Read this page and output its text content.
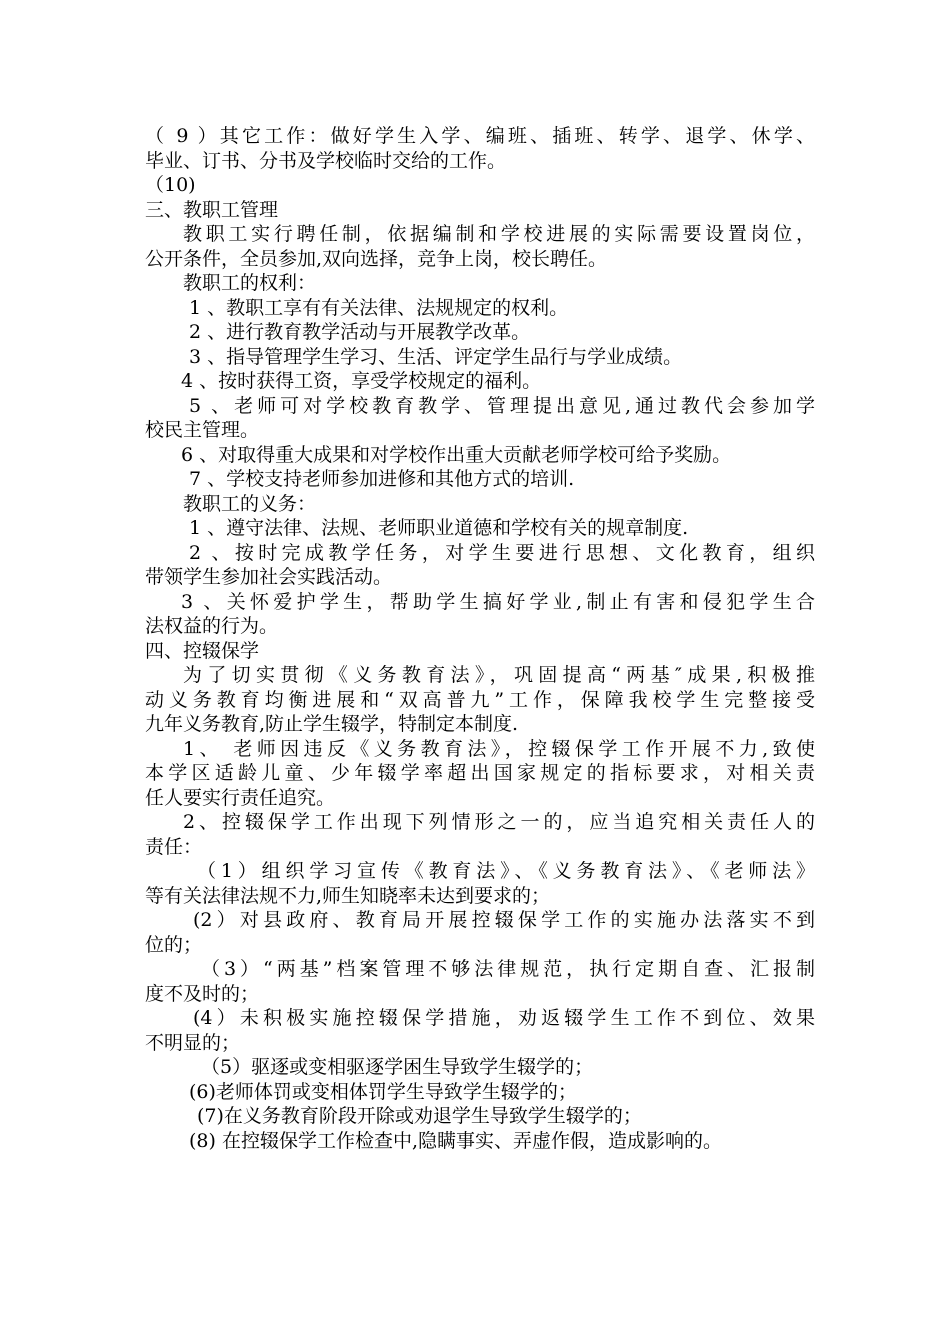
（ 9 ）其它工作：做好学生入学、编班、插班、转学、退学、休学、
毕业、订书、分书及学校临时交给的工作。
（10)
三、教职工管理
教职工实行聘任制，依据编制和学校进展的实际需要设置岗位，
公开条件，全员参加,双向选择，竞争上岗，校长聘任。
教职工的权利：
1 、教职工享有有关法律、法规规定的权利。
2 、进行教育教学活动与开展教学改革。
3 、指导管理学生学习、生活、评定学生品行与学业成绩。
4 、按时获得工资，享受学校规定的福利。
5 、老师可对学校教育教学、管理提出意见,通过教代会参加学
校民主管理。
6 、对取得重大成果和对学校作出重大贡献老师学校可给予奖励。
7 、学校支持老师参加进修和其他方式的培训.
教职工的义务：
1 、遵守法律、法规、老师职业道德和学校有关的规章制度.
2 、按时完成教学任务，对学生要进行思想、文化教育，组织
带领学生参加社会实践活动。
3 、关怀爱护学生，帮助学生搞好学业,制止有害和侵犯学生合
法权益的行为。
四、控辍保学
为了切实贯彻《义务教育法》，巩固提高“两基″成果,积极推
动义务教育均衡进展和“双高普九”工作，保障我校学生完整接受
九年义务教育,防止学生辍学，特制定本制度.
1、 老师因违反《义务教育法》，控辍保学工作开展不力,致使
本学区适龄儿童、少年辍学率超出国家规定的指标要求，对相关责
任人要实行责任追究。
2、控辍保学工作出现下列情形之一的，应当追究相关责任人的
责任：
（1）组织学习宣传《教育法》、《义务教育法》、《老师法》
等有关法律法规不力,师生知晓率未达到要求的；
(2）对县政府、教育局开展控辍保学工作的实施办法落实不到
位的；
（3）“两基”档案管理不够法律规范，执行定期自查、汇报制
度不及时的；
(4）未积极实施控辍保学措施，劝返辍学生工作不到位、效果
不明显的；
（5）驱逐或变相驱逐学困生导致学生辍学的；
(6)老师体罚或变相体罚学生导致学生辍学的；
(7)在义务教育阶段开除或劝退学生导致学生辍学的；
(8) 在控辍保学工作检查中,隐瞒事实、弄虚作假，造成影响的。
